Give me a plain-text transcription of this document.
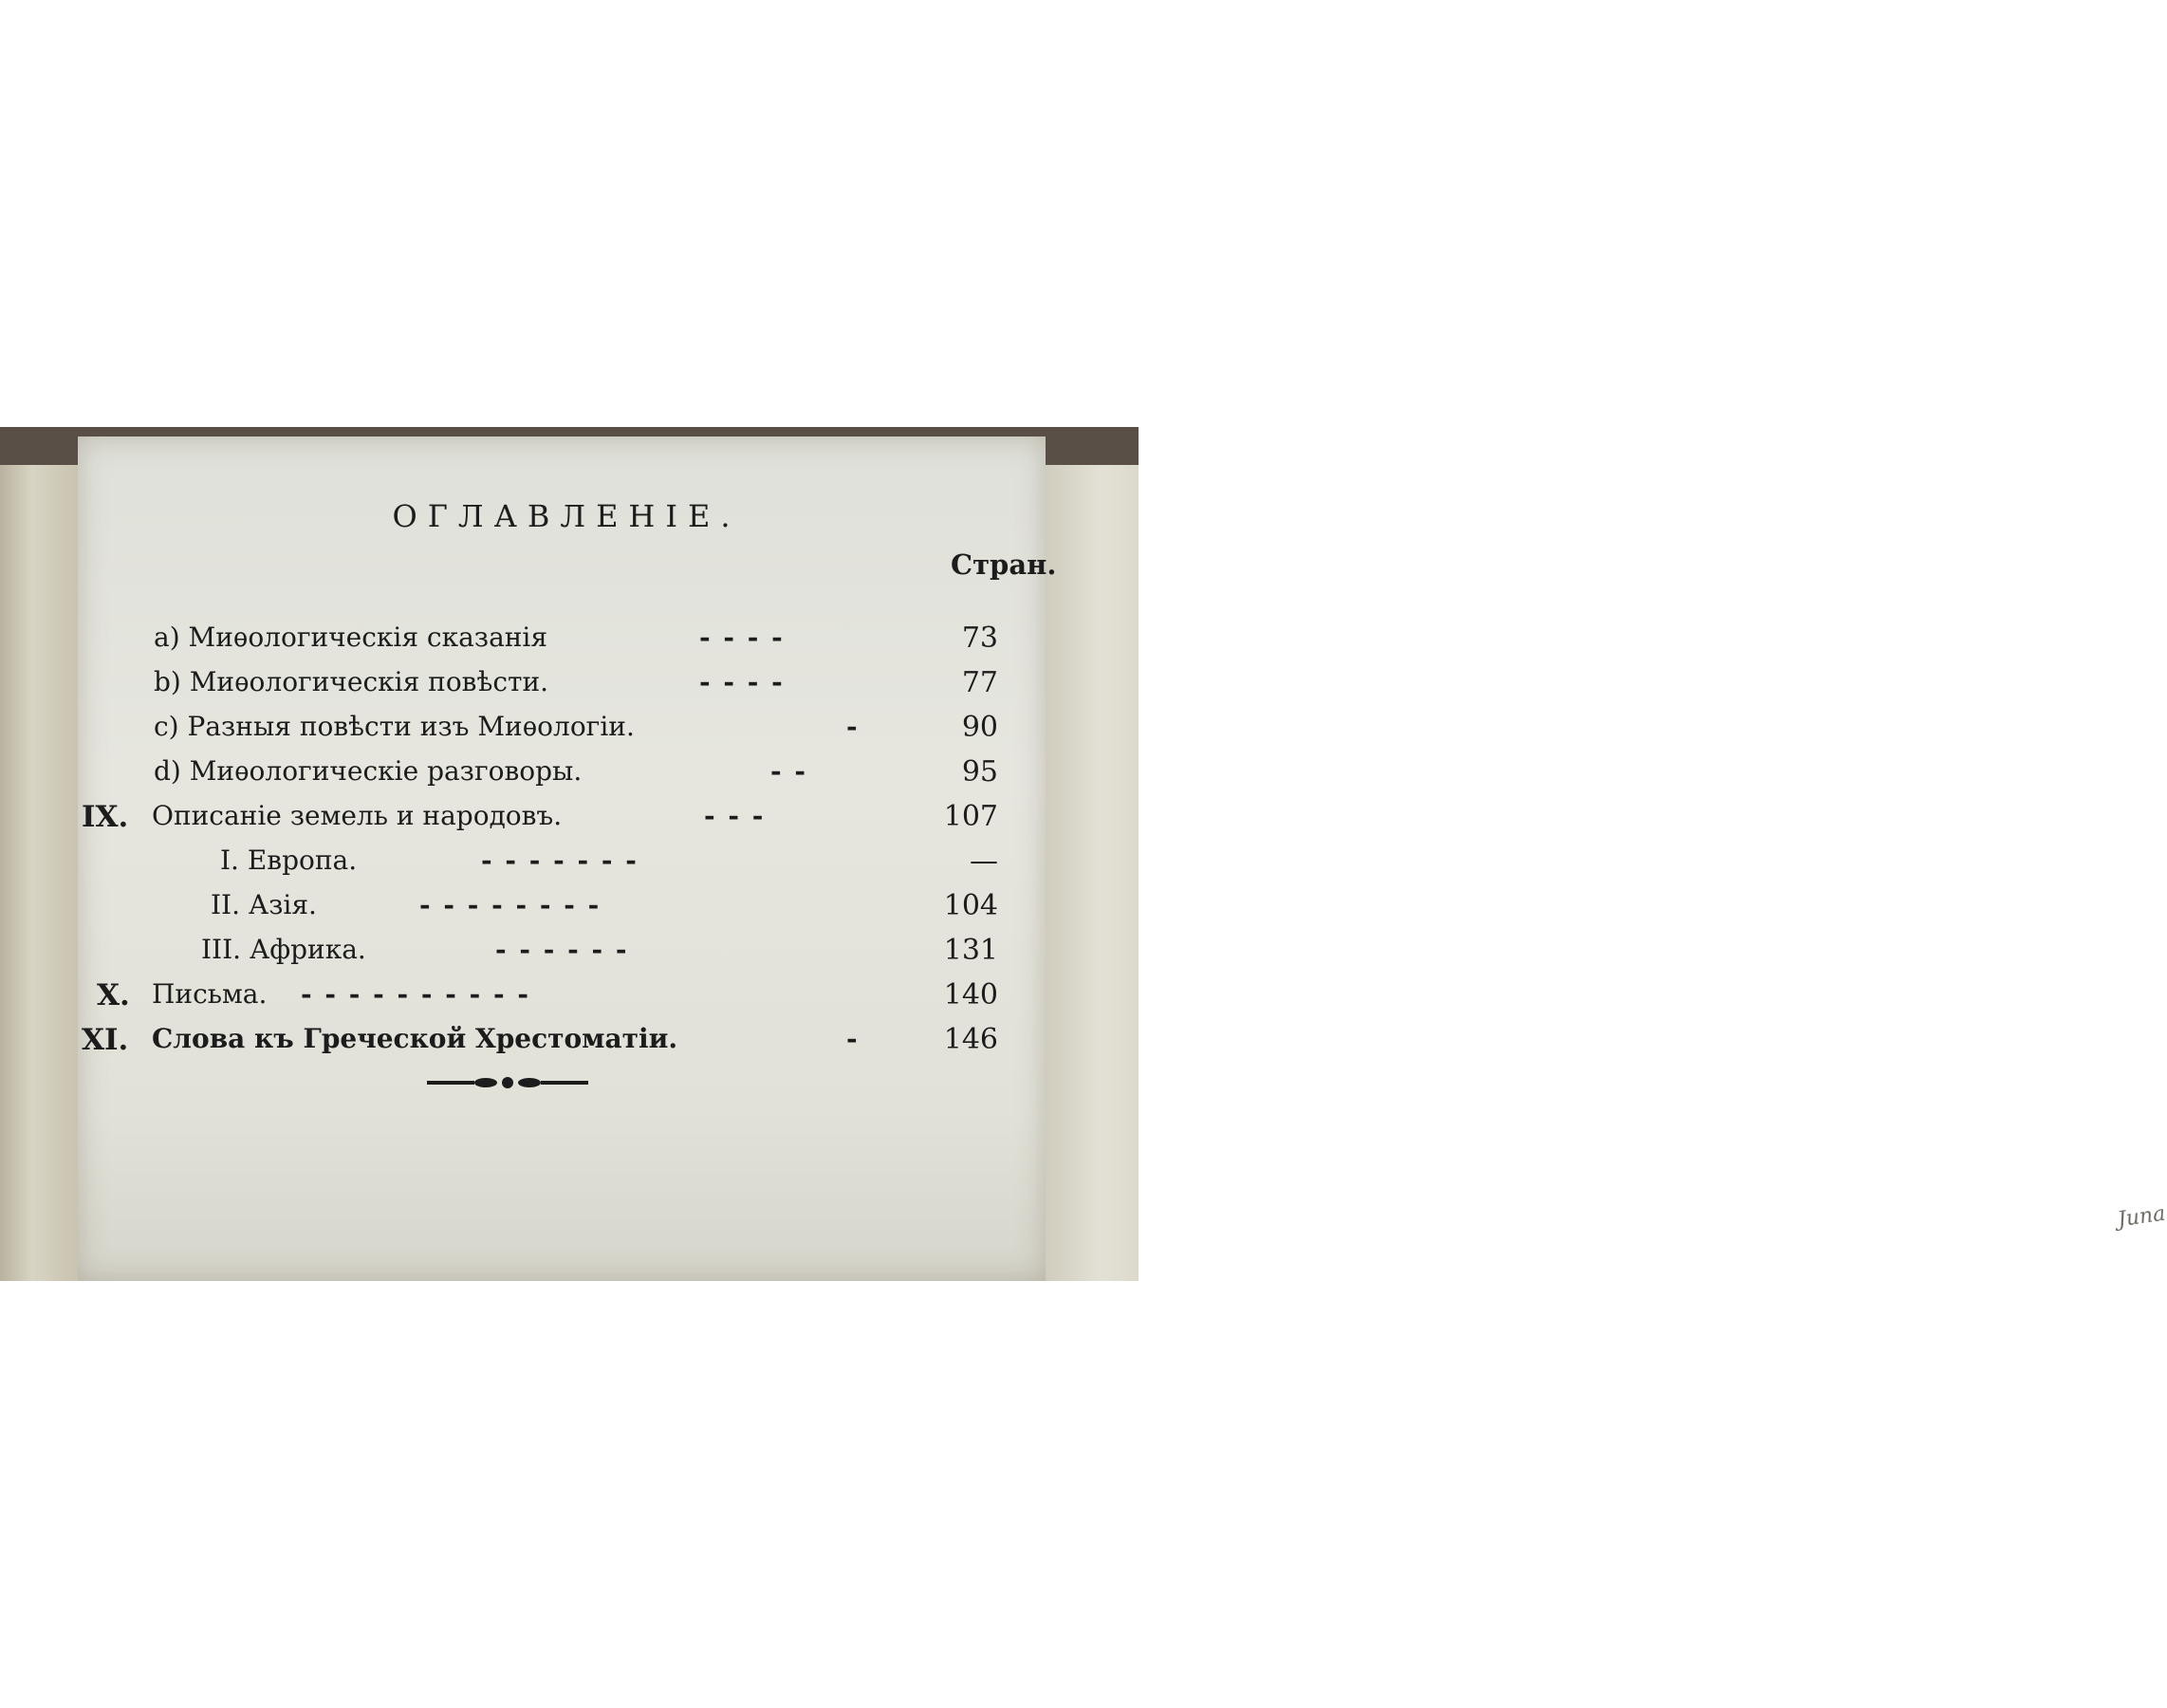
Juna
ОГЛАВЛЕНІЕ.
Стран.
a) Миѳологическія сказанія	- - - -	73
b) Миѳологическія повѣсти.	- - - -	77
c) Разныя повѣсти изъ Миѳологіи.	-	90
d) Миѳологическіе разговоры.	- -	95
IX. Описаніе земель и народовъ.	- - -	107
I. Европа.	- - - - - - -	—
II. Азія.	- - - - - - - -	104
III. Африка.	- - - - - -	131
X. Письма. - - - - - - - - - -	140
XI. Слова къ Греческой Хрестоматіи.	-	146
